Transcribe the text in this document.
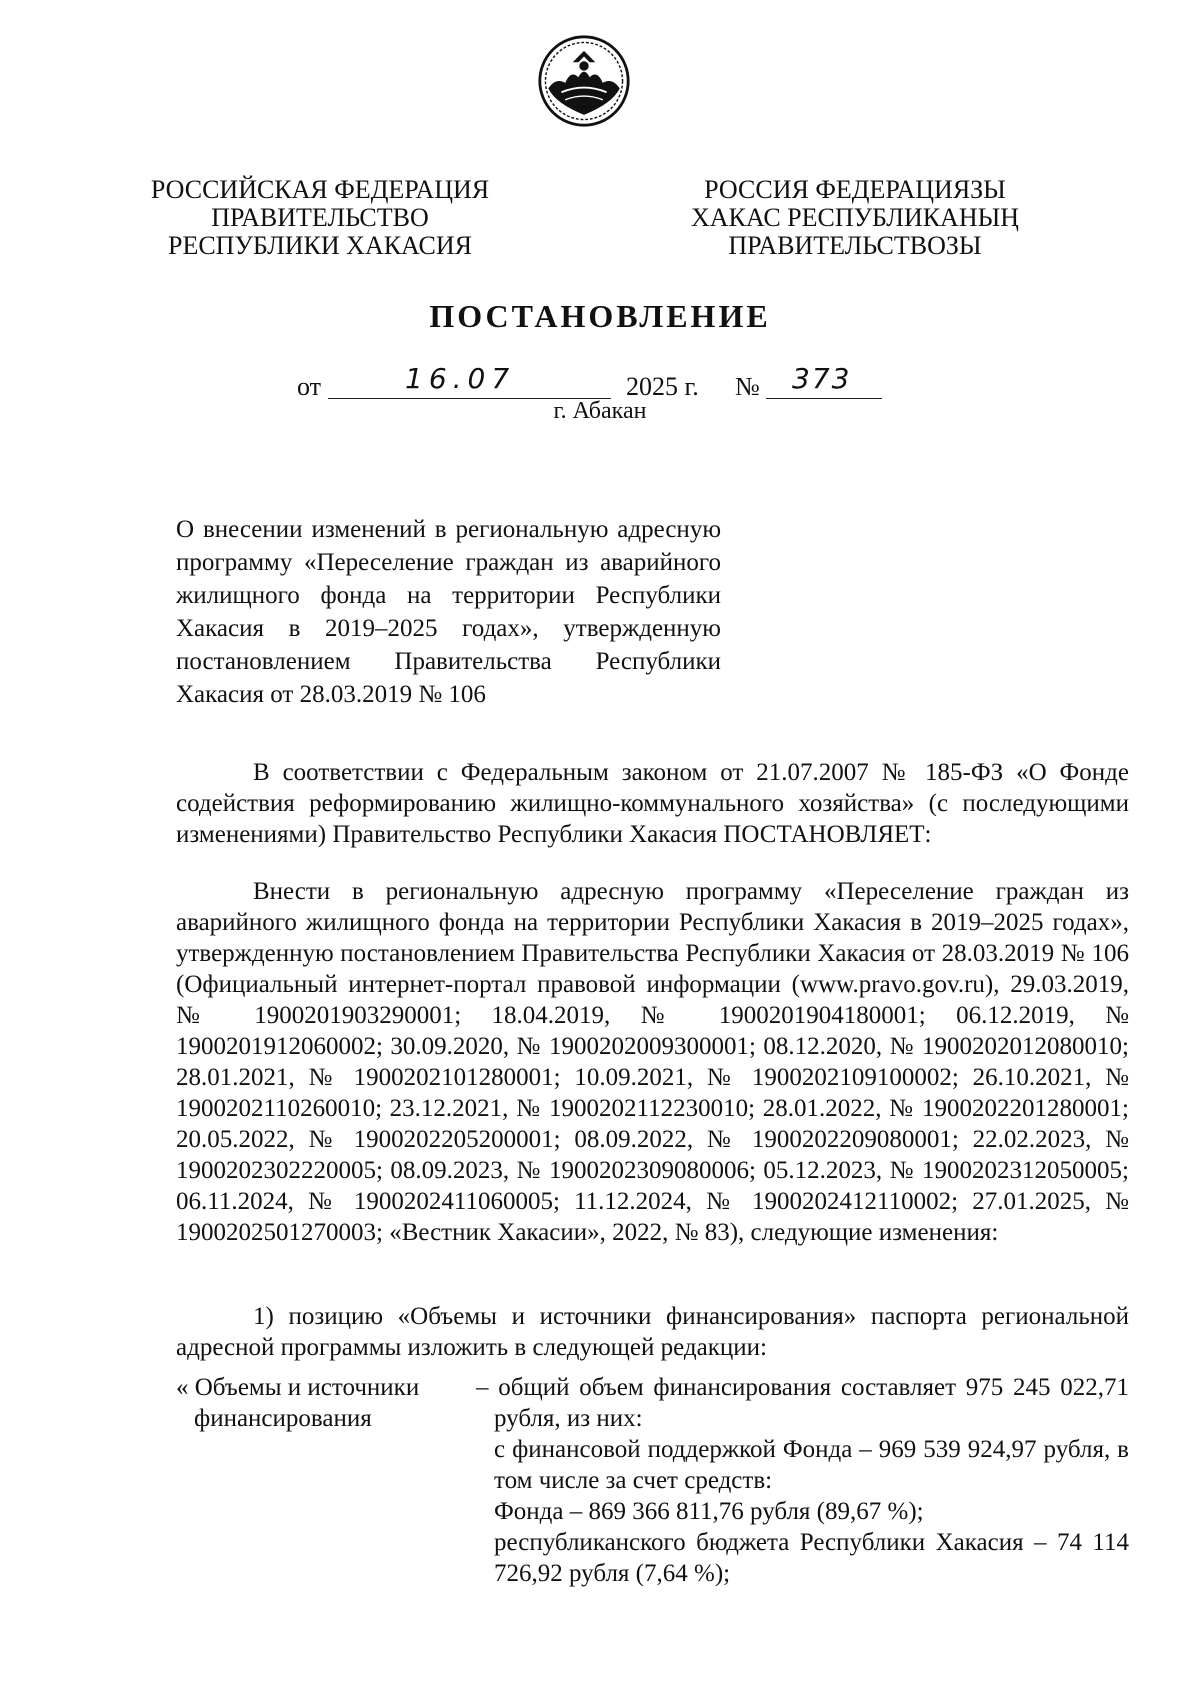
РОССИЙСКАЯ ФЕДЕРАЦИЯ
ПРАВИТЕЛЬСТВО
РЕСПУБЛИКИ ХАКАСИЯ
РОССИЯ ФЕДЕРАЦИЯЗЫ
ХАКАС РЕСПУБЛИКАНЫҢ
ПРАВИТЕЛЬСТВОЗЫ
ПОСТАНОВЛЕНИЕ
от	16.07	2025 г. № 373
г. Абакан
О внесении изменений в региональную адресную программу «Переселение граждан из аварийного жилищного фонда на территории Республики Хакасия в 2019–2025 годах», утвержденную постановлением Правительства Республики Хакасия от 28.03.2019 № 106

В соответствии с Федеральным законом от 21.07.2007 № 185-ФЗ «О Фонде содействия реформированию жилищно-коммунального хозяйства» (с последующими изменениями) Правительство Республики Хакасия ПОСТАНОВЛЯЕТ:

Внести в региональную адресную программу «Переселение граждан из аварийного жилищного фонда на территории Республики Хакасия в 2019–2025 годах», утвержденную постановлением Правительства Республики Хакасия от 28.03.2019 № 106 (Официальный интернет-портал правовой информации (www.pravo.gov.ru), 29.03.2019, № 1900201903290001; 18.04.2019, № 1900201904180001; 06.12.2019, № 1900201912060002; 30.09.2020, № 1900202009300001; 08.12.2020, № 1900202012080010; 28.01.2021, № 1900202101280001; 10.09.2021, № 1900202109100002; 26.10.2021, № 1900202110260010; 23.12.2021, № 1900202112230010; 28.01.2022, № 1900202201280001; 20.05.2022, № 1900202205200001; 08.09.2022, № 1900202209080001; 22.02.2023, № 1900202302220005; 08.09.2023, № 1900202309080006; 05.12.2023, № 1900202312050005; 06.11.2024, № 1900202411060005; 11.12.2024, № 1900202412110002; 27.01.2025, № 1900202501270003; «Вестник Хакасии», 2022, № 83), следующие изменения:

1) позицию «Объемы и источники финансирования» паспорта региональной адресной программы изложить в следующей редакции:

« Объемы и источники
финансирования

– общий объем финансирования составляет 975 245 022,71 рубля, из них:

с финансовой поддержкой Фонда – 969 539 924,97 рубля, в том числе за счет средств:

Фонда – 869 366 811,76 рубля (89,67 %);

республиканского бюджета Республики Хакасия – 74 114 726,92 рубля (7,64 %);
